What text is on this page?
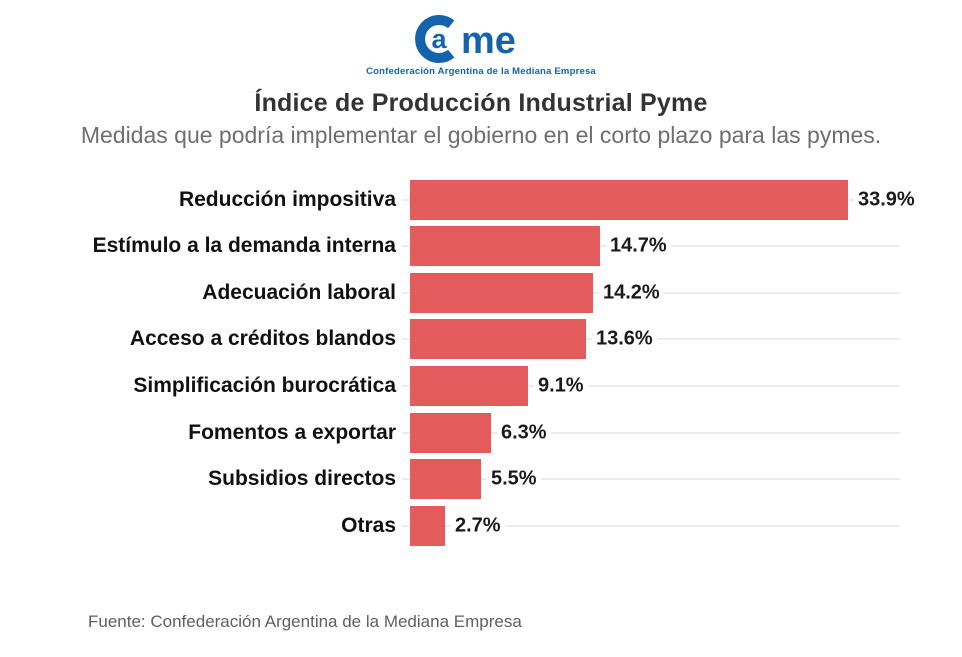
a me
Confederación Argentina de la Mediana Empresa
Índice de Producción Industrial Pyme

Medidas que podría implementar el gobierno en el corto plazo para las pymes.

Reducción impositiva	33.9%
Estímulo a la demanda interna	14.7%
Adecuación laboral	14.2%
Acceso a créditos blandos	13.6%
Simplificación burocrática	9.1%
Fomentos a exportar	6.3%
Subsidios directos	5.5%
Otras	2.7%
Fuente: Confederación Argentina de la Mediana Empresa
